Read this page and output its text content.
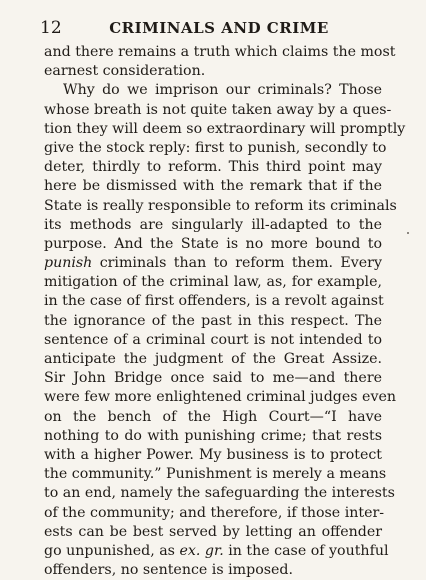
12	CRIMINALS AND CRIME
and there remains a truth which claims the most
earnest consideration.
Why do we imprison our criminals? Those
whose breath is not quite taken away by a ques-
tion they will deem so extraordinary will promptly
give the stock reply: first to punish, secondly to
deter, thirdly to reform. This third point may
here be dismissed with the remark that if the
State is really responsible to reform its criminals
its methods are singularly ill-adapted to the
purpose. And the State is no more bound to
punish criminals than to reform them. Every
mitigation of the criminal law, as, for example,
in the case of first offenders, is a revolt against
the ignorance of the past in this respect. The
sentence of a criminal court is not intended to
anticipate the judgment of the Great Assize.
Sir John Bridge once said to me—and there
were few more enlightened criminal judges even
on the bench of the High Court—“I have
nothing to do with punishing crime; that rests
with a higher Power. My business is to protect
the community.” Punishment is merely a means
to an end, namely the safeguarding the interests
of the community; and therefore, if those inter-
ests can be best served by letting an offender
go unpunished, as ex. gr. in the case of youthful
offenders, no sentence is imposed.
